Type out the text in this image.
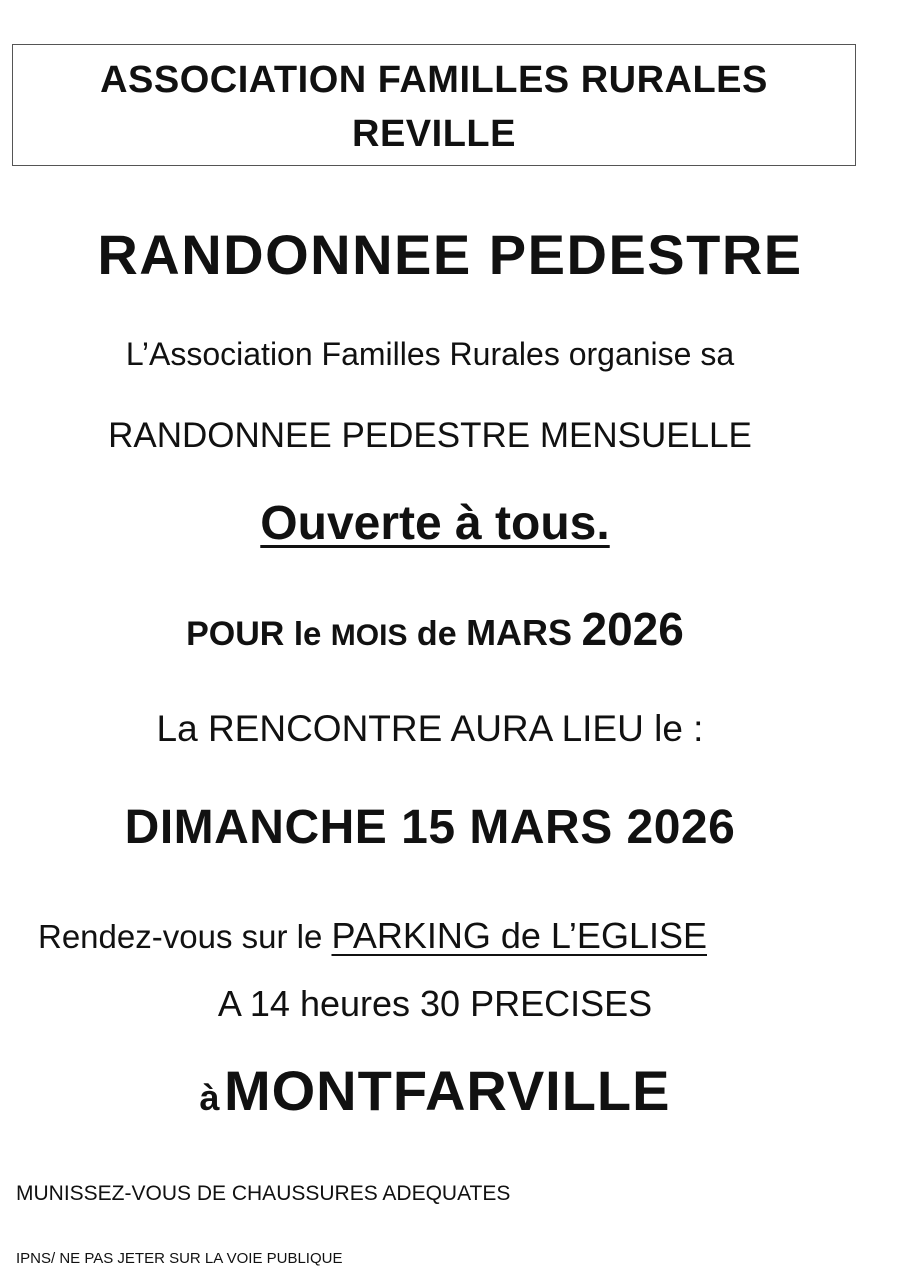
ASSOCIATION FAMILLES RURALES
REVILLE
RANDONNEE PEDESTRE
L’Association Familles Rurales organise sa
RANDONNEE PEDESTRE MENSUELLE
Ouverte à tous.
POUR le MOIS de MARS 2026
La RENCONTRE AURA LIEU le :
DIMANCHE 15 MARS 2026
Rendez-vous sur le PARKING de L’EGLISE
A 14 heures 30 PRECISES
à MONTFARVILLE
MUNISSEZ-VOUS DE CHAUSSURES ADEQUATES
IPNS/ NE PAS JETER SUR LA VOIE PUBLIQUE
